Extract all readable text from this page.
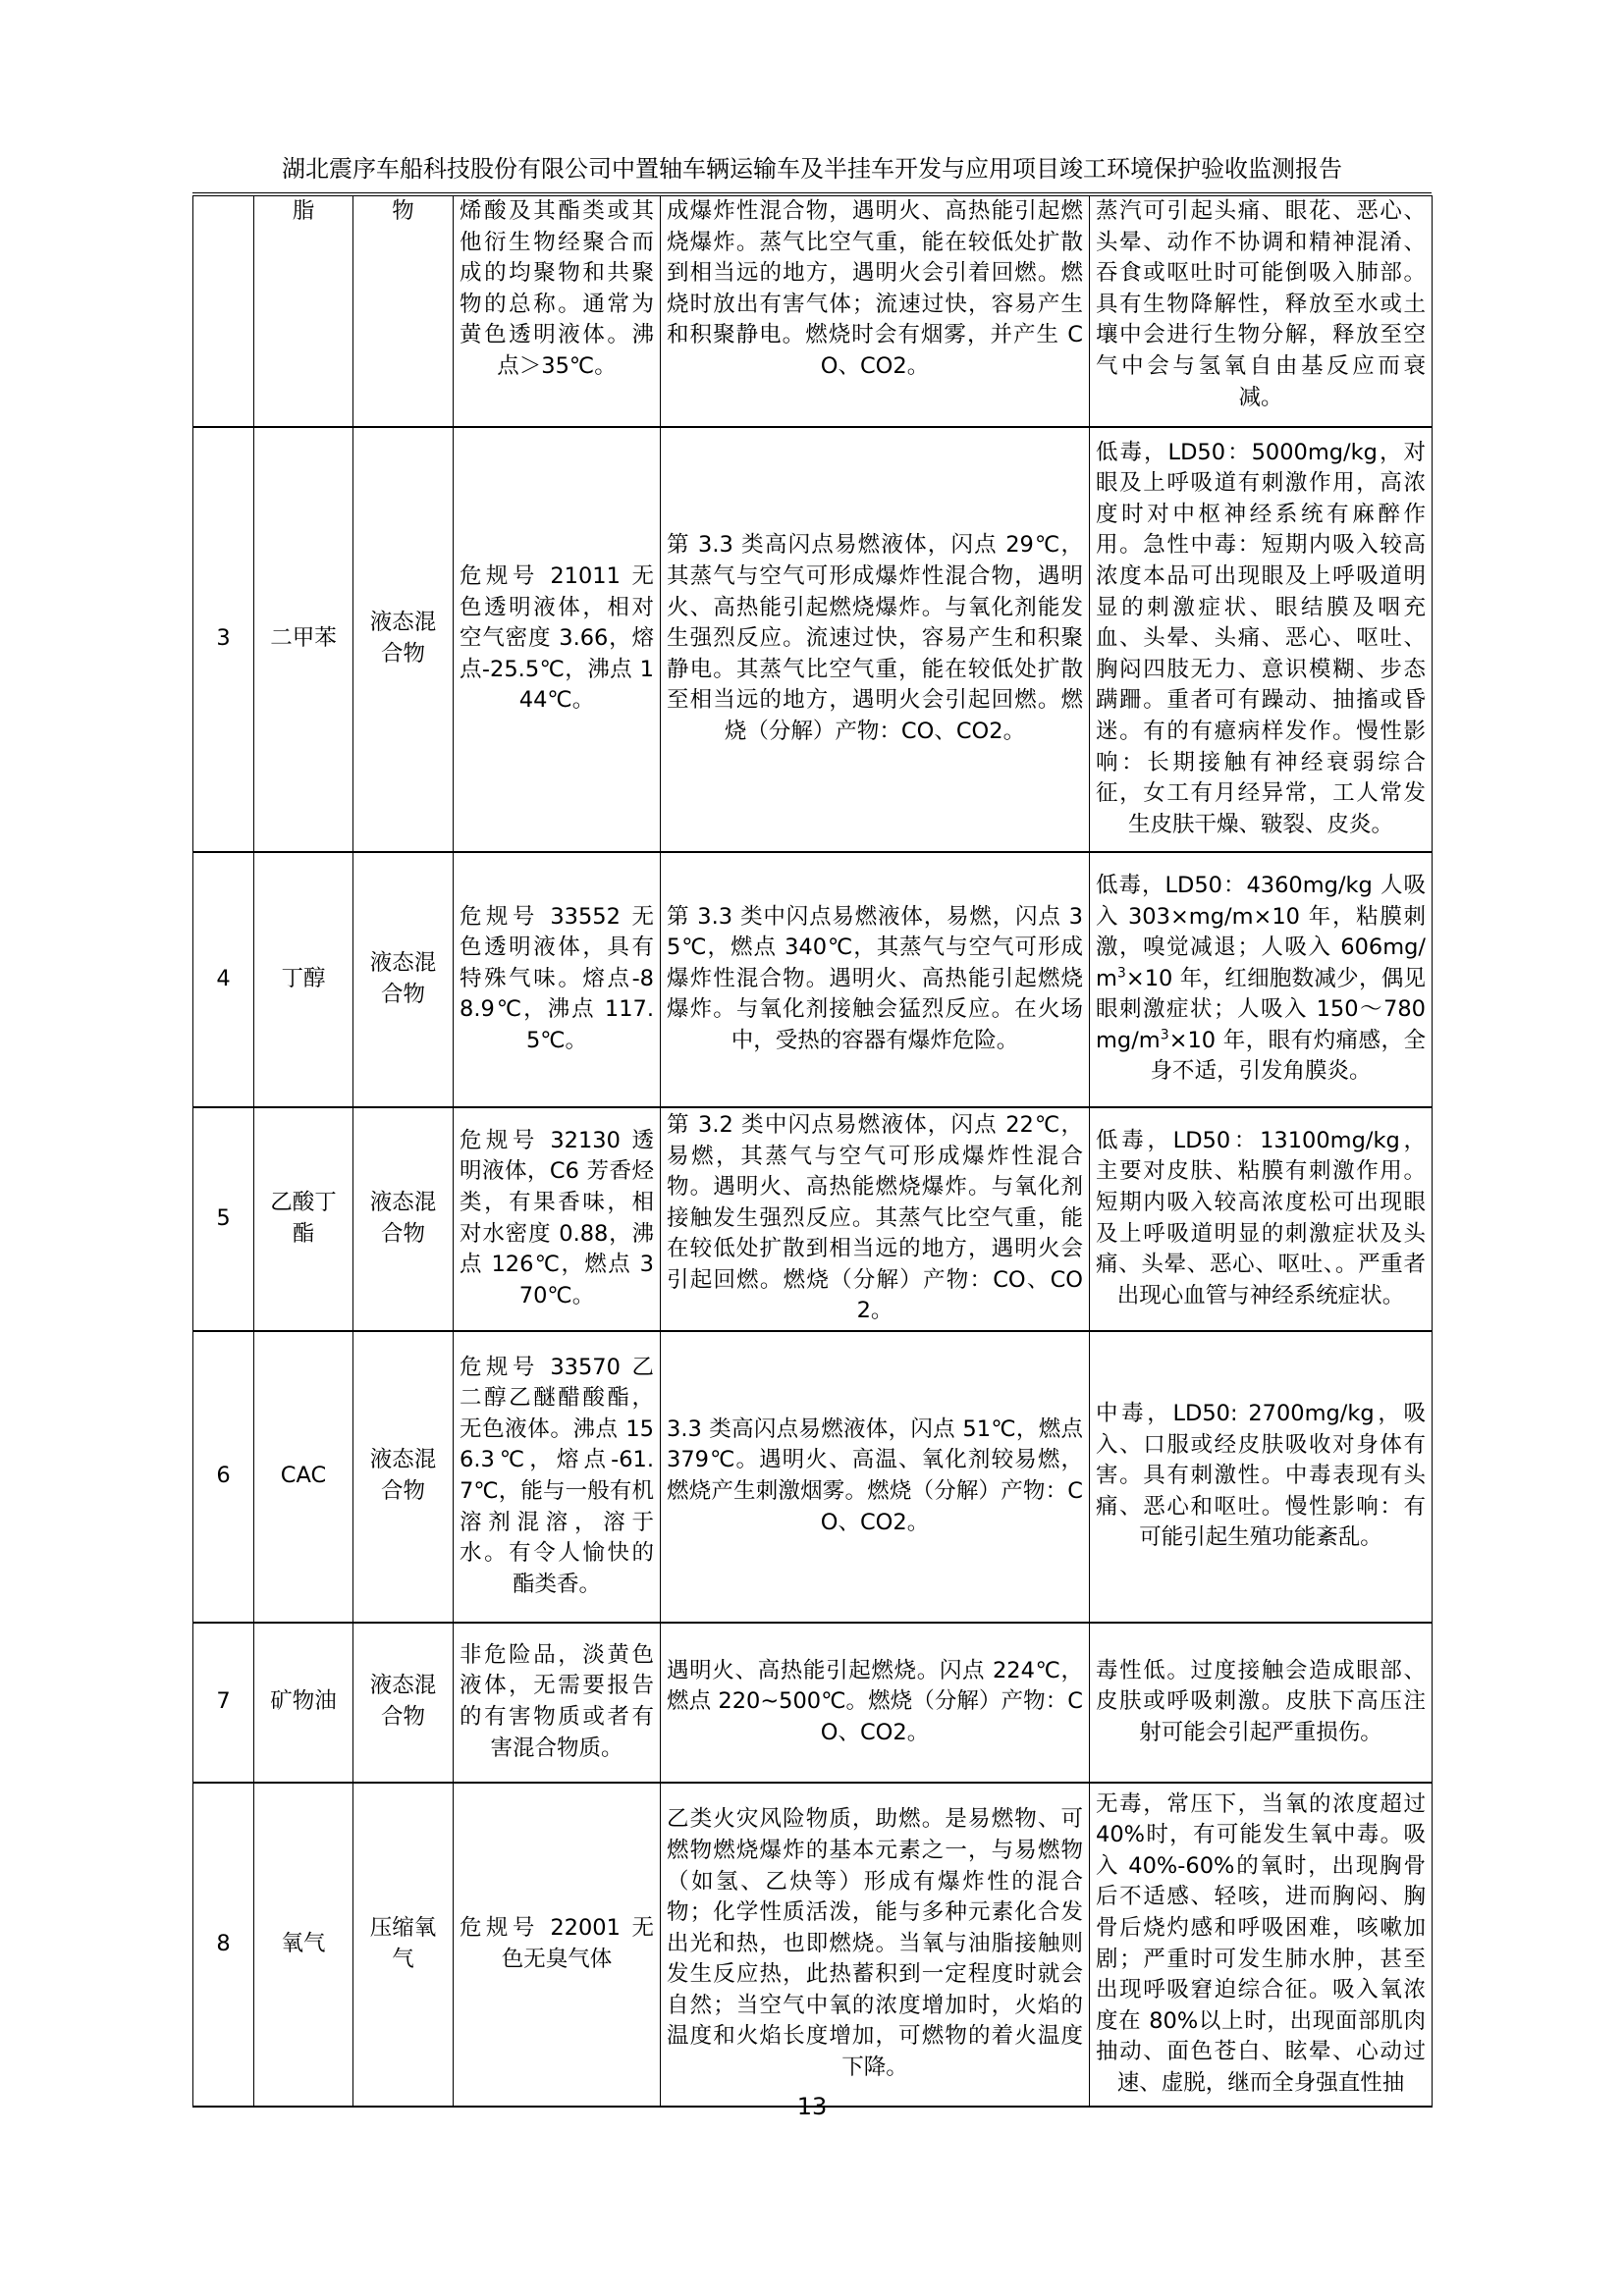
湖北震序车船科技股份有限公司中置轴车辆运输车及半挂车开发与应用项目竣工环境保护验收监测报告
	脂	物	烯酸及其酯类或其他衍生物经聚合而成的均聚物和共聚物的总称。通常为黄色透明液体。沸点＞35℃。	成爆炸性混合物，遇明火、高热能引起燃烧爆炸。蒸气比空气重，能在较低处扩散到相当远的地方，遇明火会引着回燃。燃烧时放出有害气体；流速过快，容易产生和积聚静电。燃烧时会有烟雾，并产生 CO、CO2。	蒸汽可引起头痛、眼花、恶心、头晕、动作不协调和精神混淆、吞食或呕吐时可能倒吸入肺部。具有生物降解性，释放至水或土壤中会进行生物分解，释放至空气中会与氢氧自由基反应而衰减。
3	二甲苯	液态混合物	危规号 21011 无色透明液体，相对空气密度 3.66，熔点-25.5℃，沸点 144℃。	第 3.3 类高闪点易燃液体，闪点 29℃，其蒸气与空气可形成爆炸性混合物，遇明火、高热能引起燃烧爆炸。与氧化剂能发生强烈反应。流速过快，容易产生和积聚静电。其蒸气比空气重，能在较低处扩散至相当远的地方，遇明火会引起回燃。燃烧（分解）产物：CO、CO2。	低毒，LD50：5000mg/kg，对眼及上呼吸道有刺激作用，高浓度时对中枢神经系统有麻醉作用。急性中毒：短期内吸入较高浓度本品可出现眼及上呼吸道明显的刺激症状、眼结膜及咽充血、头晕、头痛、恶心、呕吐、胸闷四肢无力、意识模糊、步态蹒跚。重者可有躁动、抽搐或昏迷。有的有癔病样发作。慢性影响：长期接触有神经衰弱综合征，女工有月经异常，工人常发生皮肤干燥、皲裂、皮炎。
4	丁醇	液态混合物	危规号 33552 无色透明液体，具有特殊气味。熔点-88.9℃，沸点 117.5℃。	第 3.3 类中闪点易燃液体，易燃，闪点 35℃，燃点 340℃，其蒸气与空气可形成爆炸性混合物。遇明火、高热能引起燃烧爆炸。与氧化剂接触会猛烈反应。在火场中，受热的容器有爆炸危险。	低毒，LD50：4360mg/kg 人吸入 303×mg/m×10 年，粘膜刺激，嗅觉减退；人吸入 $606mg/m^3\times 10$ 年，红细胞数减少，偶见眼刺激症状；人吸入 $150\sim 780mg/m^3\times 10$ 年，眼有灼痛感，全身不适，引发角膜炎。
5	乙酸丁酯	液态混合物	危规号 32130 透明液体，C6 芳香烃类，有果香味，相对水密度 0.88，沸点 126℃，燃点 370℃。	第 3.2 类中闪点易燃液体，闪点 22℃，易燃，其蒸气与空气可形成爆炸性混合物。遇明火、高热能燃烧爆炸。与氧化剂接触发生强烈反应。其蒸气比空气重，能在较低处扩散到相当远的地方，遇明火会引起回燃。燃烧（分解）产物：CO、CO2。	低毒，LD50：13100mg/kg，主要对皮肤、粘膜有刺激作用。短期内吸入较高浓度松可出现眼及上呼吸道明显的刺激症状及头痛、头晕、恶心、呕吐、。严重者出现心血管与神经系统症状。
6	CAC	液态混合物	危规号 33570 乙二醇乙醚醋酸酯，无色液体。沸点 156.3℃，熔点-61.7℃，能与一般有机溶剂混溶，溶于水。有令人愉快的酯类香。	3.3 类高闪点易燃液体，闪点 51℃，燃点 379℃。遇明火、高温、氧化剂较易燃，燃烧产生刺激烟雾。燃烧（分解）产物：CO、CO2。	中毒，LD50: 2700mg/kg，吸入、口服或经皮肤吸收对身体有害。具有刺激性。中毒表现有头痛、恶心和呕吐。慢性影响：有可能引起生殖功能紊乱。
7	矿物油	液态混合物	非危险品，淡黄色液体，无需要报告的有害物质或者有害混合物质。	遇明火、高热能引起燃烧。闪点 224℃，燃点 220~500℃。燃烧（分解）产物：CO、CO2。	毒性低。过度接触会造成眼部、皮肤或呼吸刺激。皮肤下高压注射可能会引起严重损伤。
8	氧气	压缩氧气	危规号 22001 无色无臭气体	乙类火灾风险物质，助燃。是易燃物、可燃物燃烧爆炸的基本元素之一，与易燃物（如氢、乙炔等）形成有爆炸性的混合物；化学性质活泼，能与多种元素化合发出光和热，也即燃烧。当氧与油脂接触则发生反应热，此热蓄积到一定程度时就会自然；当空气中氧的浓度增加时，火焰的温度和火焰长度增加，可燃物的着火温度下降。	无毒，常压下，当氧的浓度超过 40%时，有可能发生氧中毒。吸入 40%-60%的氧时，出现胸骨后不适感、轻咳，进而胸闷、胸骨后烧灼感和呼吸困难，咳嗽加剧；严重时可发生肺水肿，甚至出现呼吸窘迫综合征。吸入氧浓度在 80%以上时，出现面部肌肉抽动、面色苍白、眩晕、心动过速、虚脱，继而全身强直性抽
13
